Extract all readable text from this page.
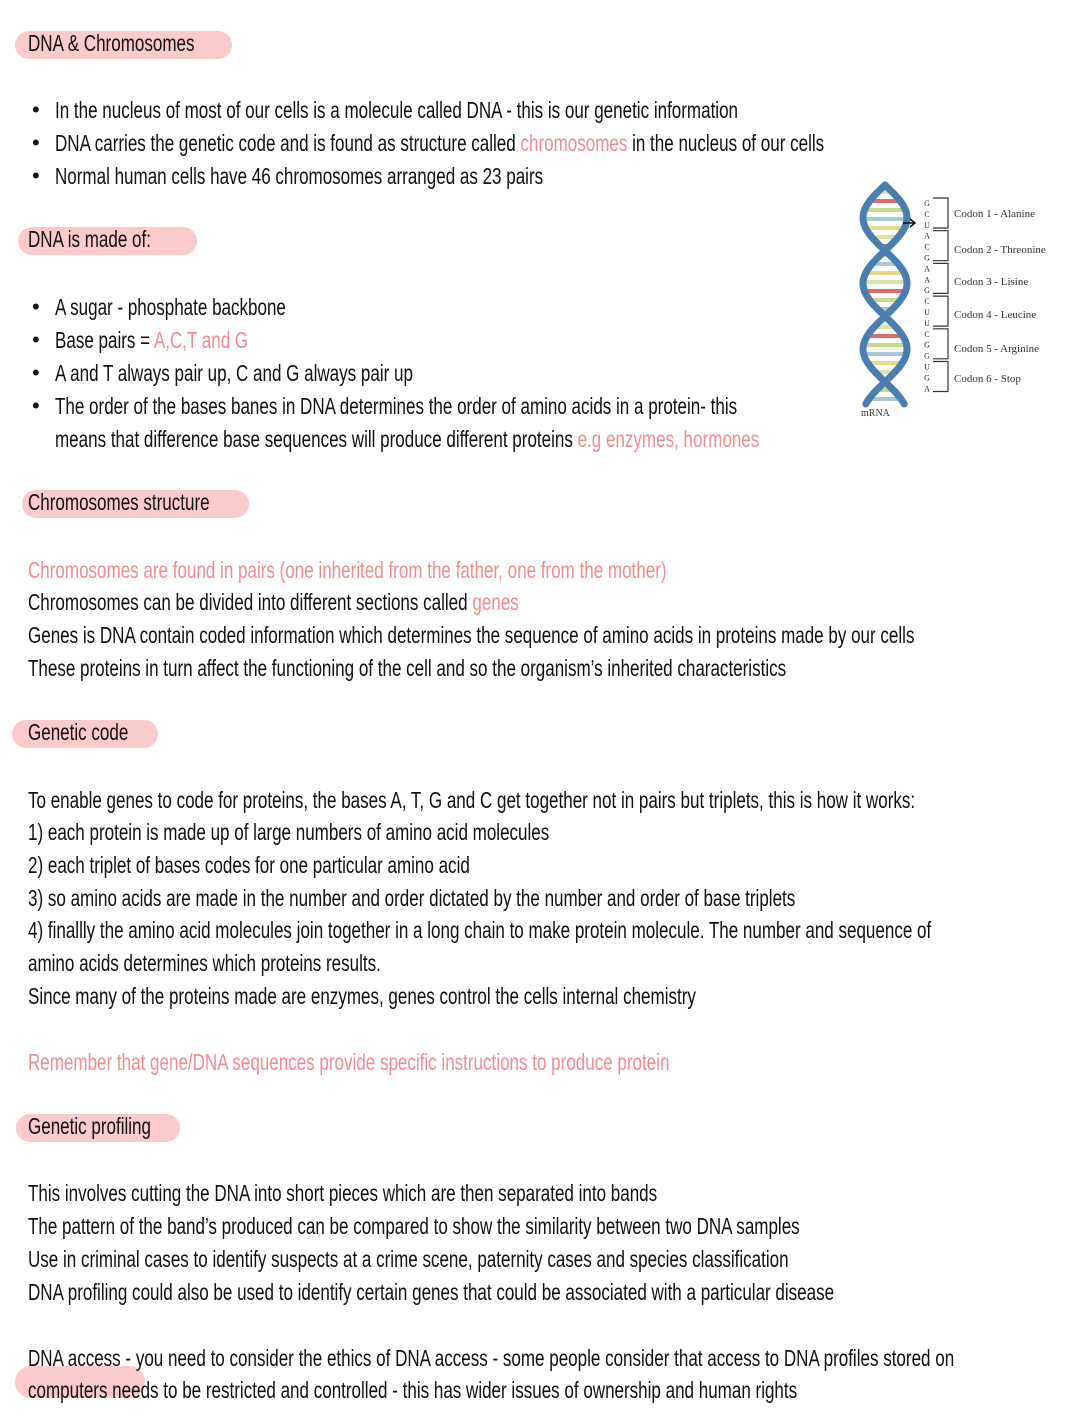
DNA & Chromosomes
DNA is made of:
Chromosomes structure
Genetic code
Genetic profiling
• In the nucleus of most of our cells is a molecule called DNA - this is our genetic information
• DNA carries the genetic code and is found as structure called chromosomes in the nucleus of our cells
• Normal human cells have 46 chromosomes arranged as 23 pairs
• A sugar - phosphate backbone
• Base pairs = A,C,T and G
• A and T always pair up, C and G always pair up
• The order of the bases banes in DNA determines the order of amino acids in a protein- this
means that difference base sequences will produce different proteins e.g enzymes, hormones
Chromosomes are found in pairs (one inherited from the father, one from the mother)
Chromosomes can be divided into different sections called genes
Genes is DNA contain coded information which determines the sequence of amino acids in proteins made by our cells
These proteins in turn affect the functioning of the cell and so the organism’s inherited characteristics
To enable genes to code for proteins, the bases A, T, G and C get together not in pairs but triplets, this is how it works:
1) each protein is made up of large numbers of amino acid molecules
2) each triplet of bases codes for one particular amino acid
3) so amino acids are made in the number and order dictated by the number and order of base triplets
4) finallly the amino acid molecules join together in a long chain to make protein molecule. The number and sequence of
amino acids determines which proteins results.
Since many of the proteins made are enzymes, genes control the cells internal chemistry
Remember that gene/DNA sequences provide specific instructions to produce protein
This involves cutting the DNA into short pieces which are then separated into bands
The pattern of the band’s produced can be compared to show the similarity between two DNA samples
Use in criminal cases to identify suspects at a crime scene, paternity cases and species classification
DNA profiling could also be used to identify certain genes that could be associated with a particular disease
DNA access - you need to consider the ethics of DNA access - some people consider that access to DNA profiles stored on
computers needs to be restricted and controlled - this has wider issues of ownership and human rights
G
C
U
A
C
G
A
A
G
C
U
U
C
G
G
U
G
A
Codon 1 - Alanine
Codon 2 - Threonine
Codon 3 - Lisine
Codon 4 - Leucine
Codon 5 - Arginine
Codon 6 - Stop
mRNA
